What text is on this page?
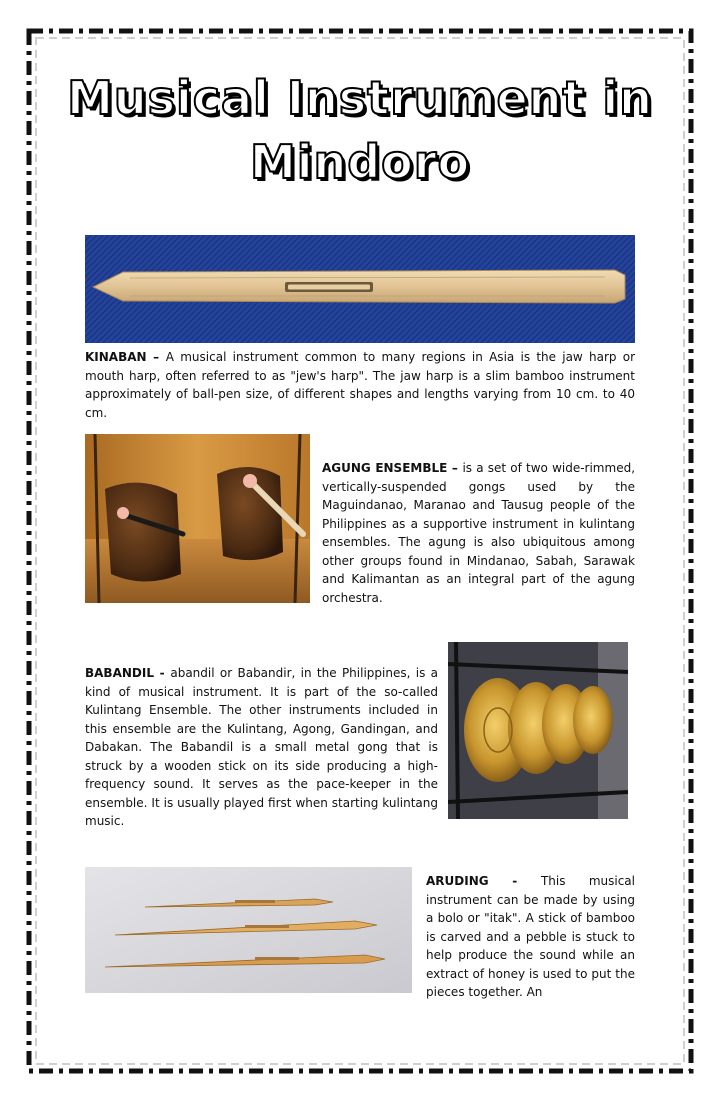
Musical Instrument in
Mindoro

KINABAN – A musical instrument common to many regions in Asia is the jaw harp or mouth harp, often referred to as "jew's harp". The jaw harp is a slim bamboo instrument approximately of ball-pen size, of different shapes and lengths varying from 10 cm. to 40 cm.

AGUNG ENSEMBLE – is a set of two wide-rimmed, vertically-suspended gongs used by the Maguindanao, Maranao and Tausug people of the Philippines as a supportive instrument in kulintang ensembles. The agung is also ubiquitous among other groups found in Mindanao, Sabah, Sarawak and Kalimantan as an integral part of the agung orchestra.

BABANDIL - abandil or Babandir, in the Philippines, is a kind of musical instrument. It is part of the so-called Kulintang Ensemble. The other instruments included in this ensemble are the Kulintang, Agong, Gandingan, and Dabakan. The Babandil is a small metal gong that is struck by a wooden stick on its side producing a high-frequency sound. It serves as the pace-keeper in the ensemble. It is usually played first when starting kulintang music.

ARUDING - This musical instrument can be made by using a bolo or "itak". A stick of bamboo is carved and a pebble is stuck to help produce the sound while an extract of honey is used to put the pieces together. An
